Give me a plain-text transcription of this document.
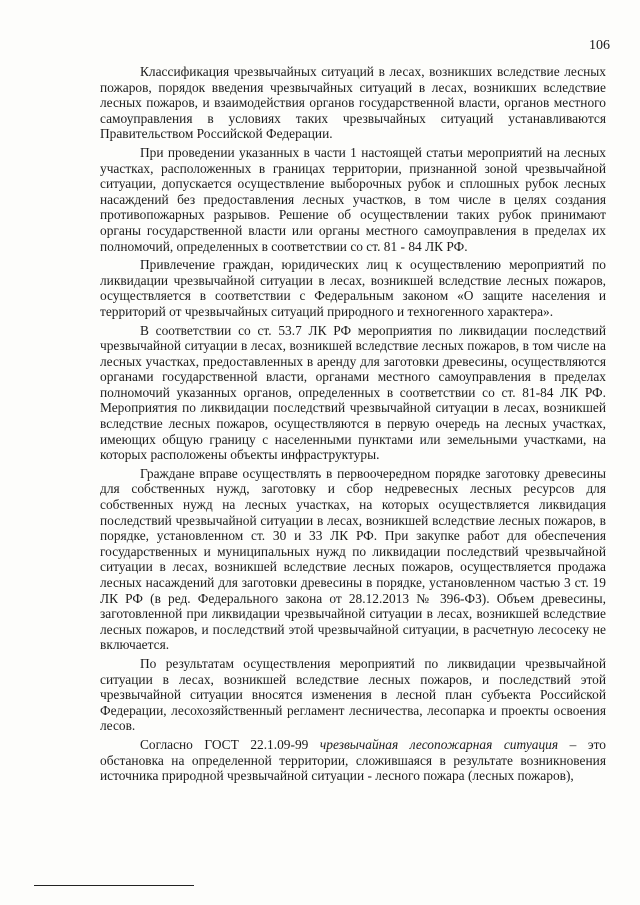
106

Классификация чрезвычайных ситуаций в лесах, возникших вследствие лесных пожаров, порядок введения чрезвычайных ситуаций в лесах, возникших вследствие лесных пожаров, и взаимодействия органов государственной власти, органов местного самоуправления в условиях таких чрезвычайных ситуаций устанавливаются Правительством Российской Федерации.

При проведении указанных в части 1 настоящей статьи мероприятий на лесных участках, расположенных в границах территории, признанной зоной чрезвычайной ситуации, допускается осуществление выборочных рубок и сплошных рубок лесных насаждений без предоставления лесных участков, в том числе в целях создания противопожарных разрывов. Решение об осуществлении таких рубок принимают органы государственной власти или органы местного самоуправления в пределах их полномочий, определенных в соответствии со ст. 81 - 84 ЛК РФ.

Привлечение граждан, юридических лиц к осуществлению мероприятий по ликвидации чрезвычайной ситуации в лесах, возникшей вследствие лесных пожаров, осуществляется в соответствии с Федеральным законом «О защите населения и территорий от чрезвычайных ситуаций природного и техногенного характера».

В соответствии со ст. 53.7 ЛК РФ мероприятия по ликвидации последствий чрезвычайной ситуации в лесах, возникшей вследствие лесных пожаров, в том числе на лесных участках, предоставленных в аренду для заготовки древесины, осуществляются органами государственной власти, органами местного самоуправления в пределах полномочий указанных органов, определенных в соответствии со ст. 81-84 ЛК РФ. Мероприятия по ликвидации последствий чрезвычайной ситуации в лесах, возникшей вследствие лесных пожаров, осуществляются в первую очередь на лесных участках, имеющих общую границу с населенными пунктами или земельными участками, на которых расположены объекты инфраструктуры.

Граждане вправе осуществлять в первоочередном порядке заготовку древесины для собственных нужд, заготовку и сбор недревесных лесных ресурсов для собственных нужд на лесных участках, на которых осуществляется ликвидация последствий чрезвычайной ситуации в лесах, возникшей вследствие лесных пожаров, в порядке, установленном ст. 30 и 33 ЛК РФ. При закупке работ для обеспечения государственных и муниципальных нужд по ликвидации последствий чрезвычайной ситуации в лесах, возникшей вследствие лесных пожаров, осуществляется продажа лесных насаждений для заготовки древесины в порядке, установленном частью 3 ст. 19 ЛК РФ (в ред. Федерального закона от 28.12.2013 № 396-ФЗ). Объем древесины, заготовленной при ликвидации чрезвычайной ситуации в лесах, возникшей вследствие лесных пожаров, и последствий этой чрезвычайной ситуации, в расчетную лесосеку не включается.

По результатам осуществления мероприятий по ликвидации чрезвычайной ситуации в лесах, возникшей вследствие лесных пожаров, и последствий этой чрезвычайной ситуации вносятся изменения в лесной план субъекта Российской Федерации, лесохозяйственный регламент лесничества, лесопарка и проекты освоения лесов.

Согласно ГОСТ 22.1.09-99 чрезвычайная лесопожарная ситуация – это обстановка на определенной территории, сложившаяся в результате возникновения источника природной чрезвычайной ситуации - лесного пожара (лесных пожаров),
